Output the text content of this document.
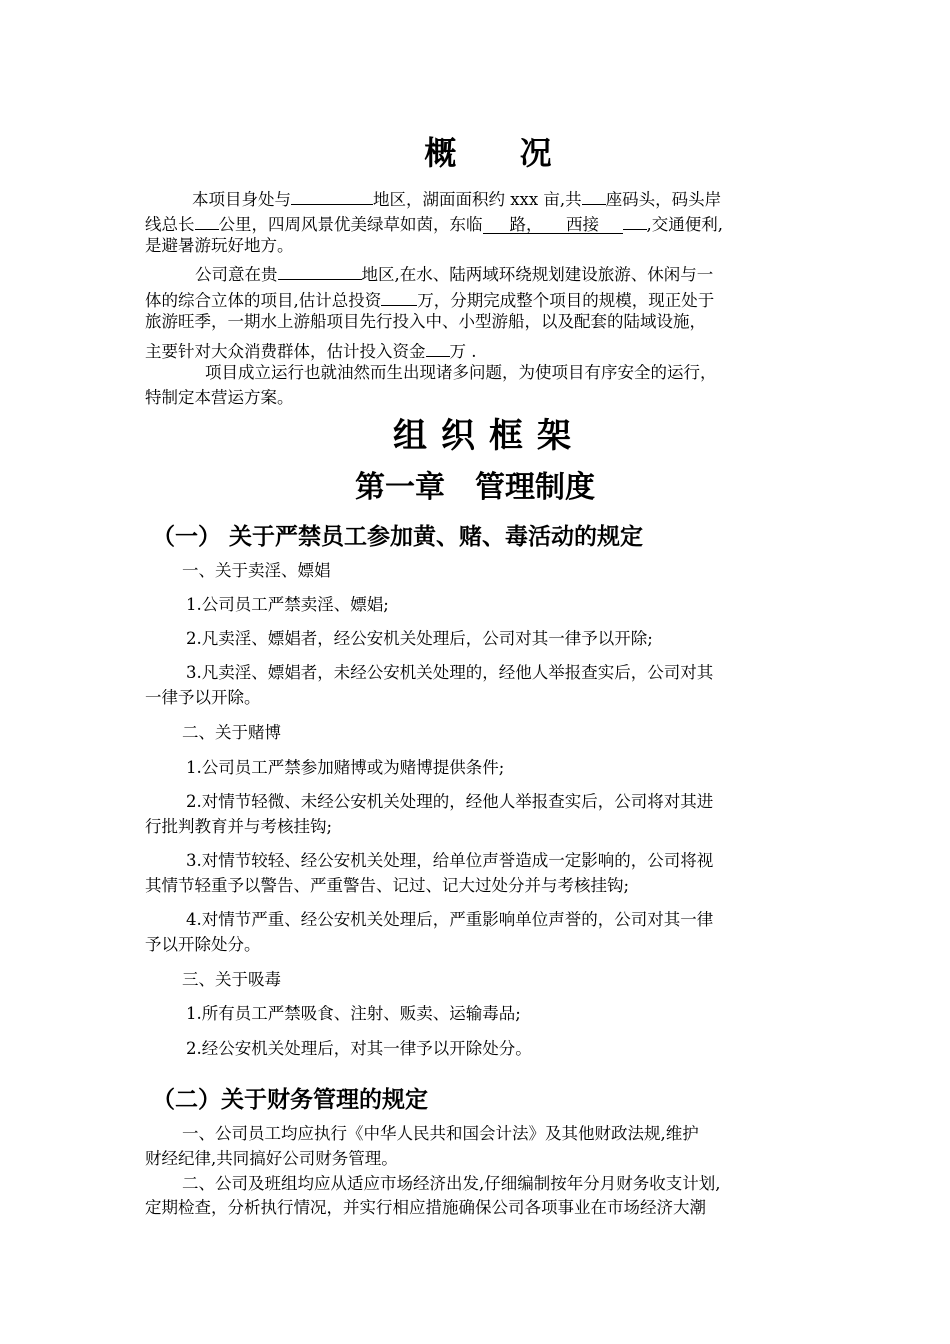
概 况
本项目身处与	地区，湖面面积约 xxx 亩,共 座码头，码头岸
线总长 公里，四周风景优美绿草如茵，东临 路， 西接	,交通便利,
是避暑游玩好地方。
公司意在贵	地区,在水、陆两域环绕规划建设旅游、休闲与一
体的综合立体的项目,估计总投资 万，分期完成整个项目的规模，现正处于
旅游旺季，一期水上游船项目先行投入中、小型游船，以及配套的陆域设施，
主要针对大众消费群体，估计投入资金 万 .
项目成立运行也就油然而生出现诸多问题，为使项目有序安全的运行，
特制定本营运方案。
组织框架
第一章　管理制度
（一） 关于严禁员工参加黄、赌、毒活动的规定
一、关于卖淫、嫖娼
1.公司员工严禁卖淫、嫖娼;
2.凡卖淫、嫖娼者，经公安机关处理后，公司对其一律予以开除;
3.凡卖淫、嫖娼者，未经公安机关处理的，经他人举报查实后，公司对其
一律予以开除。
二、关于赌博
1.公司员工严禁参加赌博或为赌博提供条件;
2.对情节轻微、未经公安机关处理的，经他人举报查实后，公司将对其进
行批判教育并与考核挂钩;
3.对情节较轻、经公安机关处理，给单位声誉造成一定影响的，公司将视
其情节轻重予以警告、严重警告、记过、记大过处分并与考核挂钩;
4.对情节严重、经公安机关处理后，严重影响单位声誉的，公司对其一律
予以开除处分。
三、关于吸毒
1.所有员工严禁吸食、注射、贩卖、运输毒品;
2.经公安机关处理后，对其一律予以开除处分。
（二）关于财务管理的规定
一、公司员工均应执行《中华人民共和国会计法》及其他财政法规,维护
财经纪律,共同搞好公司财务管理。
二、公司及班组均应从适应市场经济出发,仔细编制按年分月财务收支计划,
定期检查，分析执行情况，并实行相应措施确保公司各项事业在市场经济大潮
